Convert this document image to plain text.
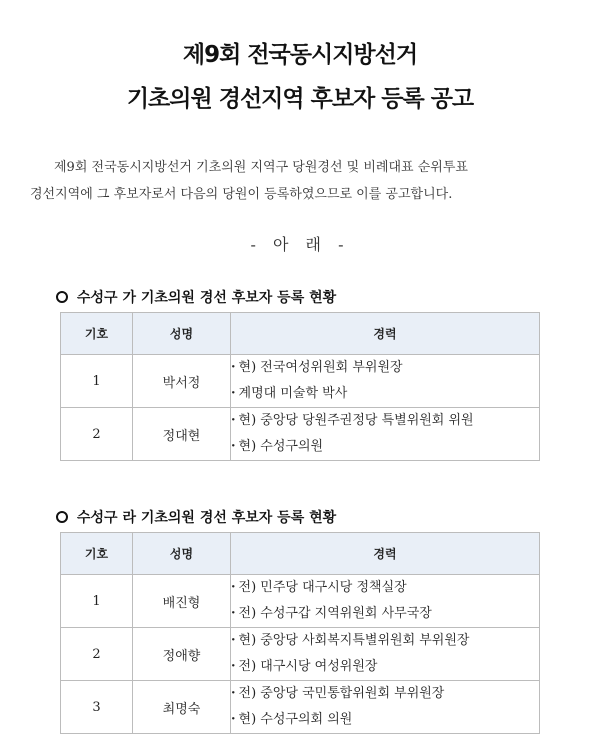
제9회 전국동시지방선거
기초의원 경선지역 후보자 등록 공고
제9회 전국동시지방선거 기초의원 지역구 당원경선 및 비례대표 순위투표
경선지역에 그 후보자로서 다음의 당원이 등록하였으므로 이를 공고합니다.
- 아 래 -
수성구 가 기초의원 경선 후보자 등록 현황
기호	성명	경력
1	박서정	· 현) 전국여성위원회 부위원장
· 계명대 미술학 박사

2	정대현	· 현) 중앙당 당원주권정당 특별위원회 위원
· 현) 수성구의원
수성구 라 기초의원 경선 후보자 등록 현황
기호	성명	경력
1	배진형	· 전) 민주당 대구시당 정책실장
· 전) 수성구갑 지역위원회 사무국장

2	정애향	· 현) 중앙당 사회복지특별위원회 부위원장
· 전) 대구시당 여성위원장

3	최명숙	· 전) 중앙당 국민통합위원회 부위원장
· 현) 수성구의회 의원
